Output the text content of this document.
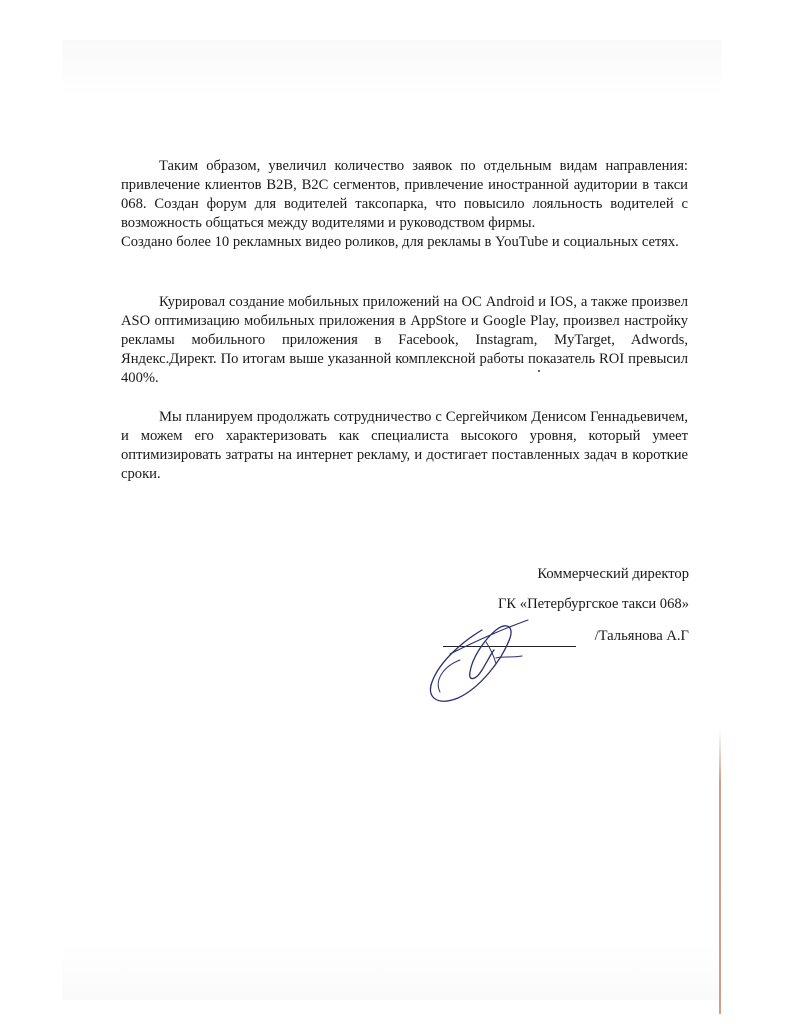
Таким образом, увеличил количество заявок по отдельным видам направления: привлечение клиентов B2B, B2C сегментов, привлечение иностранной аудитории в такси 068. Создан форум для водителей таксопарка, что повысило лояльность водителей с возможность общаться между водителями и руководством фирмы.

Создано более 10 рекламных видео роликов, для рекламы в YouTube и социальных сетях.

Курировал создание мобильных приложений на ОС Android и IOS, а также произвел ASO оптимизацию мобильных приложения в AppStore и Google Play, произвел настройку рекламы мобильного приложения в Facebook, Instagram, MyTarget, Adwords, Яндекс.Директ. По итогам выше указанной комплексной работы показатель ROI превысил 400%.

Мы планируем продолжать сотрудничество с Сергейчиком Денисом Геннадьевичем, и можем его характеризовать как специалиста высокого уровня, который умеет оптимизировать затраты на интернет рекламу, и достигает поставленных задач в короткие сроки.

Коммерческий директор
ГК «Петербургское такси 068»
/Тальянова А.Г
